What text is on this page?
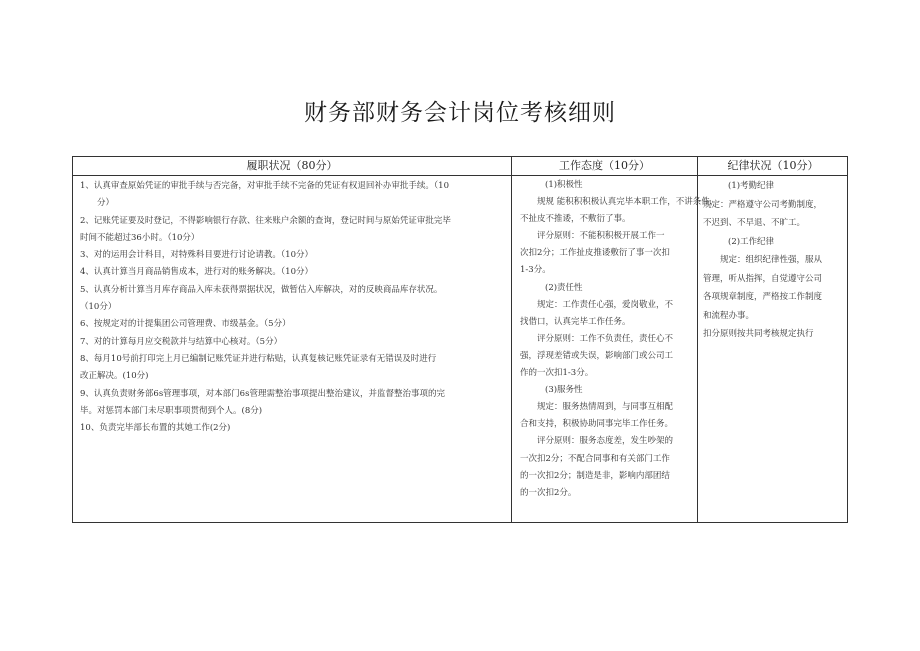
财务部财务会计岗位考核细则
履职状况（80分）
1、认真审查原始凭证的审批手续与否完备，对审批手续不完备的凭证有权退回补办审批手续。（10
分）
2、记账凭证要及时登记，不得影响银行存款、往来账户余额的查询，登记时间与原始凭证审批完毕
时间不能超过36小时。（10分）
3、对的运用会计科目，对特殊科目要进行讨论请教。（10分）
4、认真计算当月商品销售成本，进行对的账务解决。（10分）
5、认真分析计算当月库存商品入库未获得票据状况，做暂估入库解决，对的反映商品库存状况。
（10分）
6、按规定对的计提集团公司管理费、市级基金。（5分）
7、对的计算每月应交税款并与结算中心核对。（5分）
8、每月10号前打印完上月已编制记账凭证并进行粘贴，认真复核记账凭证录有无错误及时进行
改正解决。(10分)
9、认真负责财务部6s管理事项，对本部门6s管理需整治事项提出整治建议，并监督整治事项的完
毕。对惩罚本部门未尽职事项贯彻到个人。(8分)
10、负责完毕部长布置的其她工作(2分)
工作态度（10分）
(1)积极性
规规 能积积积极认真完毕本职工作，不讲条件，
不扯皮不推诿，不敷衍了事。
评分原则：不能积积极开展工作一
次扣2分；工作扯皮推诿敷衍了事一次扣
1-3分。
(2)责任性
规定：工作责任心强，爱岗敬业，不
找借口，认真完毕工作任务。
评分原则：工作不负责任，责任心不
强，浮现差错或失误，影响部门或公司工
作的一次扣1-3分。
(3)服务性
规定：服务热情周到，与同事互相配
合和支持，积极协助同事完毕工作任务。
评分原则：服务态度差，发生吵架的
一次扣2分；不配合同事和有关部门工作
的一次扣2分；制造是非，影响内部团结
的一次扣2分。
纪律状况（10分）
(1)考勤纪律
规定：严格遵守公司考勤制度，
不迟到、不早退、不旷工。
(2)工作纪律
规定：组织纪律性强，服从
管理，听从指挥，自觉遵守公司
各项规章制度，严格按工作制度
和流程办事。
扣分原则按共同考核规定执行
